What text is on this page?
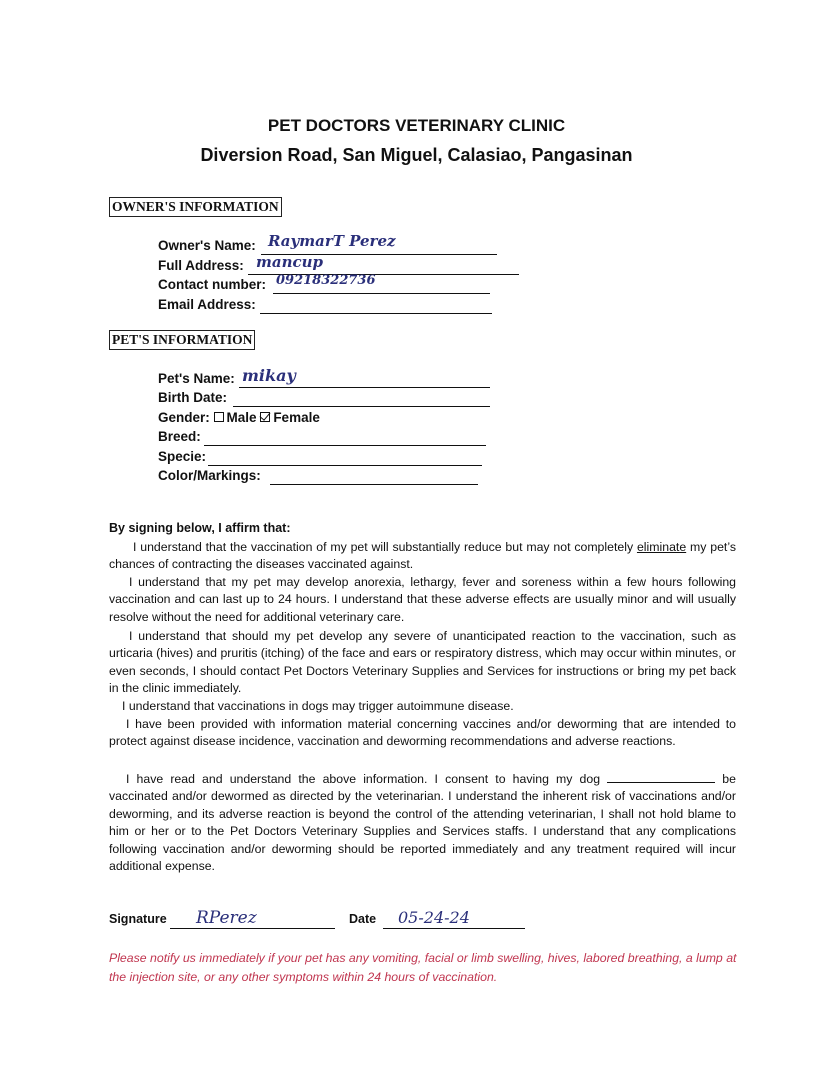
PET DOCTORS VETERINARY CLINIC
Diversion Road, San Miguel, Calasiao, Pangasinan
OWNER'S INFORMATION
Owner's Name: RaymarT Perez
Full Address: mancup
Contact number: 09218322736
Email Address:
PET'S INFORMATION
Pet's Name: mikay
Birth Date:
Gender: Male Female
Breed:
Specie:
Color/Markings:
By signing below, I affirm that:

I understand that the vaccination of my pet will substantially reduce but may not completely eliminate my pet’s chances of contracting the diseases vaccinated against.

I understand that my pet may develop anorexia, lethargy, fever and soreness within a few hours following vaccination and can last up to 24 hours. I understand that these adverse effects are usually minor and will usually resolve without the need for additional veterinary care.

I understand that should my pet develop any severe of unanticipated reaction to the vaccination, such as urticaria (hives) and pruritis (itching) of the face and ears or respiratory distress, which may occur within minutes, or even seconds, I should contact Pet Doctors Veterinary Supplies and Services for instructions or bring my pet back in the clinic immediately.

I understand that vaccinations in dogs may trigger autoimmune disease.

I have been provided with information material concerning vaccines and/or deworming that are intended to protect against disease incidence, vaccination and deworming recommendations and adverse reactions.

I have read and understand the above information. I consent to having my dog	be vaccinated and/or dewormed as directed by the veterinarian. I understand the inherent risk of vaccinations and/or deworming, and its adverse reaction is beyond the control of the attending veterinarian, I shall not hold blame to him or her or to the Pet Doctors Veterinary Supplies and Services staffs. I understand that any complications following vaccination and/or deworming should be reported immediately and any treatment required will incur additional expense.

Signature RPerez	Date 05-24-24
Please notify us immediately if your pet has any vomiting, facial or limb swelling, hives, labored breathing, a lump at the injection site, or any other symptoms within 24 hours of vaccination.
